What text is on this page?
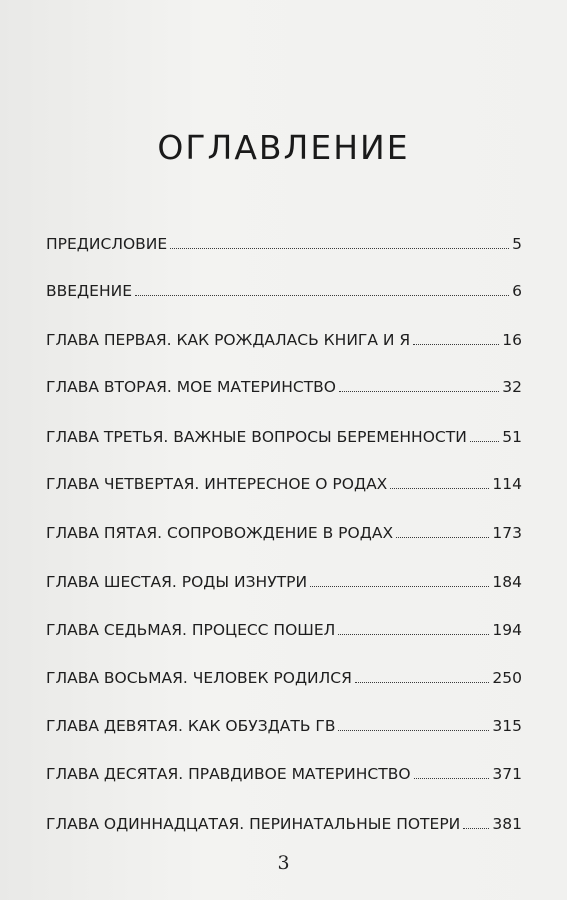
ОГЛАВЛЕНИЕ
ПРЕДИСЛОВИЕ	5
ВВЕДЕНИЕ	6
ГЛАВА ПЕРВАЯ. КАК РОЖДАЛАСЬ КНИГА И Я	16
ГЛАВА ВТОРАЯ. МОЕ МАТЕРИНСТВО	32
ГЛАВА ТРЕТЬЯ. ВАЖНЫЕ ВОПРОСЫ БЕРЕМЕННОСТИ 51
ГЛАВА ЧЕТВЕРТАЯ. ИНТЕРЕСНОЕ О РОДАХ	114
ГЛАВА ПЯТАЯ. СОПРОВОЖДЕНИЕ В РОДАХ	173
ГЛАВА ШЕСТАЯ. РОДЫ ИЗНУТРИ	184
ГЛАВА СЕДЬМАЯ. ПРОЦЕСС ПОШЕЛ	194
ГЛАВА ВОСЬМАЯ. ЧЕЛОВЕК РОДИЛСЯ	250
ГЛАВА ДЕВЯТАЯ. КАК ОБУЗДАТЬ ГВ	315
ГЛАВА ДЕСЯТАЯ. ПРАВДИВОЕ МАТЕРИНСТВО	371
ГЛАВА ОДИННАДЦАТАЯ. ПЕРИНАТАЛЬНЫЕ ПОТЕРИ 381
3
